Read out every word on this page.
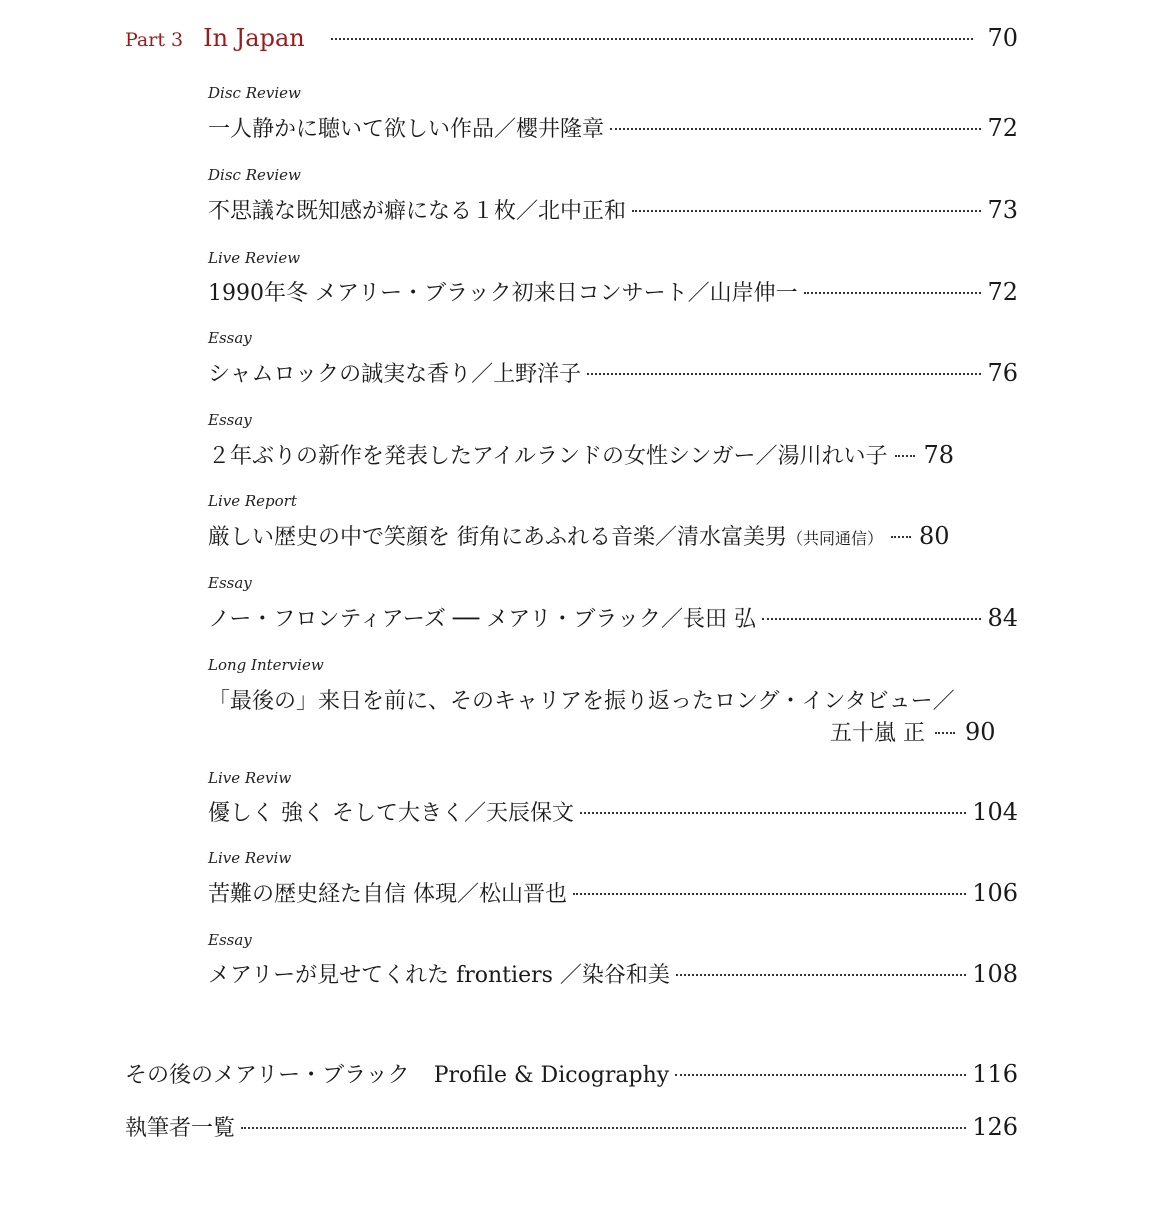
Part 3 In Japan	70
Disc Review
一人静かに聴いて欲しい作品／櫻井隆章	72
Disc Review
不思議な既知感が癖になる１枚／北中正和	73
Live Review
1990年冬 メアリー・ブラック初来日コンサート／山岸伸一	72
Essay
シャムロックの誠実な香り／上野洋子	76
Essay
２年ぶりの新作を発表したアイルランドの女性シンガー／湯川れい子 78
Live Report
厳しい歴史の中で笑顔を 街角にあふれる音楽／清水富美男 （共同通信） 80
Essay
ノー・フロンティアーズ ── メアリ・ブラック／長田 弘	84
Long Interview
「最後の」来日を前に、そのキャリアを振り返ったロング・インタビュー／
五十嵐 正 90
Live Reviw
優しく 強く そして大きく／天辰保文	104
Live Reviw
苦難の歴史経た自信 体現／松山晋也	106
Essay
メアリーが見せてくれた frontiers ／染谷和美	108
その後のメアリー・ブラック Profile & Dicography	116
執筆者一覧	126
